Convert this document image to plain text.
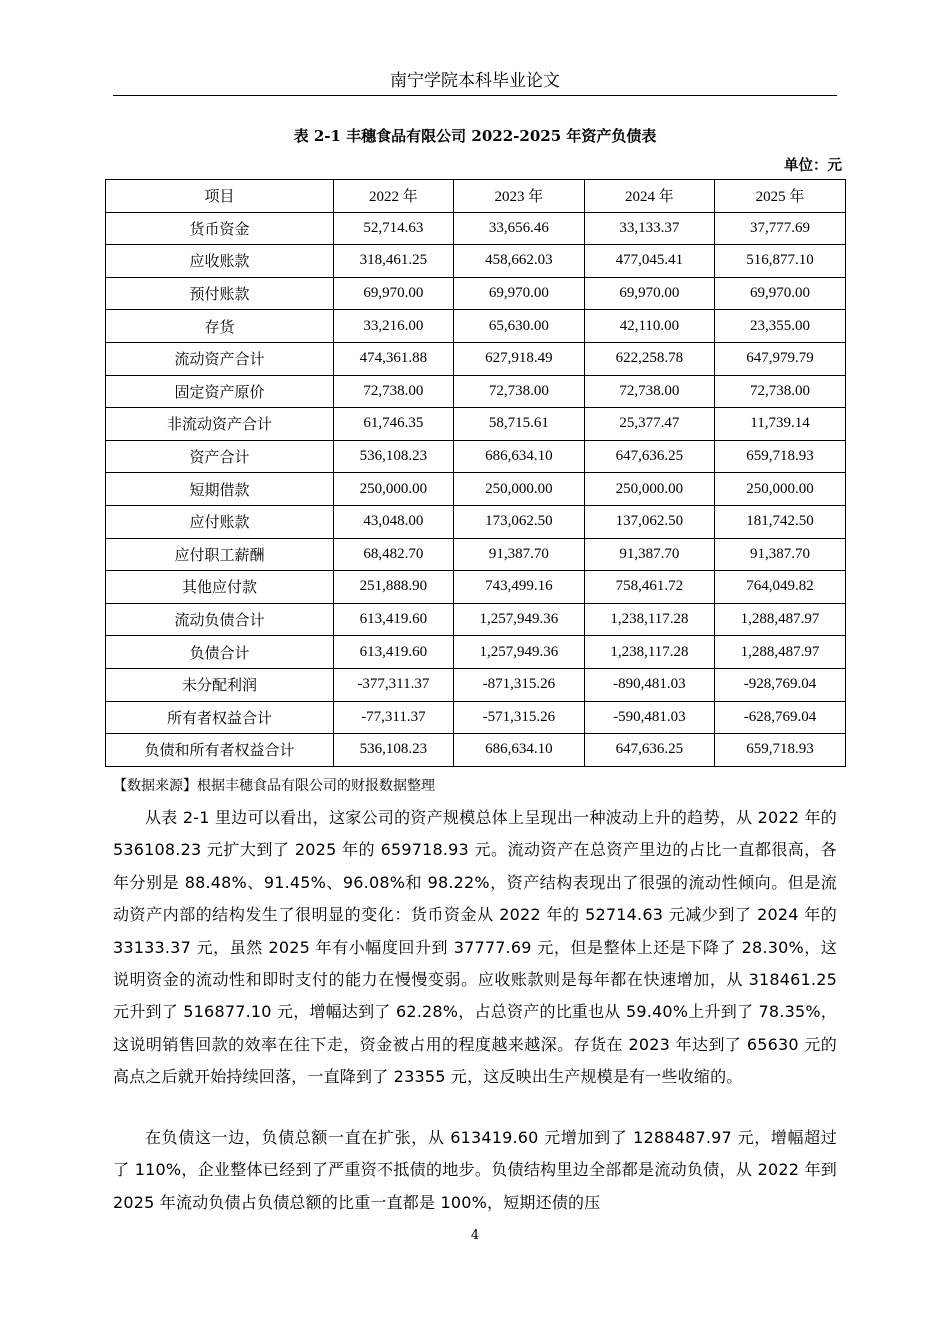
南宁学院本科毕业论文
表 2-1 丰穗食品有限公司 2022-2025 年资产负债表
单位：元
项目	2022 年	2023 年	2024 年	2025 年
货币资金	52,714.63	33,656.46	33,133.37	37,777.69
应收账款	318,461.25	458,662.03	477,045.41	516,877.10
预付账款	69,970.00	69,970.00	69,970.00	69,970.00
存货	33,216.00	65,630.00	42,110.00	23,355.00
流动资产合计	474,361.88	627,918.49	622,258.78	647,979.79
固定资产原价	72,738.00	72,738.00	72,738.00	72,738.00
非流动资产合计	61,746.35	58,715.61	25,377.47	11,739.14
资产合计	536,108.23	686,634.10	647,636.25	659,718.93
短期借款	250,000.00	250,000.00	250,000.00	250,000.00
应付账款	43,048.00	173,062.50	137,062.50	181,742.50
应付职工薪酬	68,482.70	91,387.70	91,387.70	91,387.70
其他应付款	251,888.90	743,499.16	758,461.72	764,049.82
流动负债合计	613,419.60	1,257,949.36	1,238,117.28	1,288,487.97
负债合计	613,419.60	1,257,949.36	1,238,117.28	1,288,487.97
未分配利润	-377,311.37	-871,315.26	-890,481.03	-928,769.04
所有者权益合计	-77,311.37	-571,315.26	-590,481.03	-628,769.04
负债和所有者权益合计	536,108.23	686,634.10	647,636.25	659,718.93
【数据来源】根据丰穗食品有限公司的财报数据整理

从表 2-1 里边可以看出，这家公司的资产规模总体上呈现出一种波动上升的趋势，从 2022 年的 536108.23 元扩大到了 2025 年的 659718.93 元。流动资产在总资产里边的占比一直都很高，各年分别是 88.48%、91.45%、96.08%和 98.22%，资产结构表现出了很强的流动性倾向。但是流动资产内部的结构发生了很明显的变化：货币资金从 2022 年的 52714.63 元减少到了 2024 年的 33133.37 元，虽然 2025 年有小幅度回升到 37777.69 元，但是整体上还是下降了 28.30%，这说明资金的流动性和即时支付的能力在慢慢变弱。应收账款则是每年都在快速增加，从 318461.25 元升到了 516877.10 元，增幅达到了 62.28%，占总资产的比重也从 59.40%上升到了 78.35%，这说明销售回款的效率在往下走，资金被占用的程度越来越深。存货在 2023 年达到了 65630 元的高点之后就开始持续回落，一直降到了 23355 元，这反映出生产规模是有一些收缩的。

在负债这一边，负债总额一直在扩张，从 613419.60 元增加到了 1288487.97 元，增幅超过了 110%，企业整体已经到了严重资不抵债的地步。负债结构里边全部都是流动负债，从 2022 年到 2025 年流动负债占负债总额的比重一直都是 100%，短期还债的压

4
